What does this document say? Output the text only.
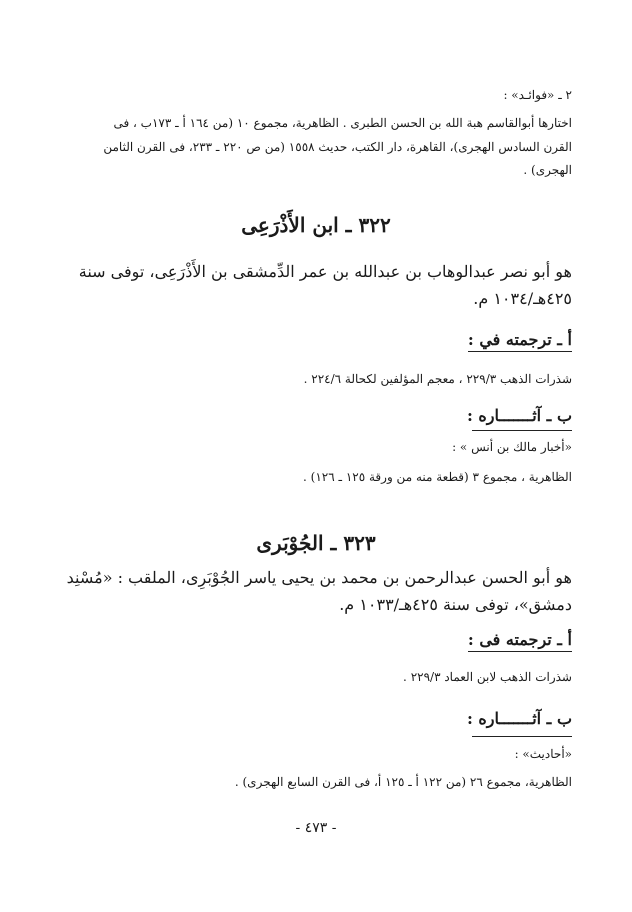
٢ ـ «فوائـد» :
اختارها أبوالقاسم هبة الله بن الحسن الطبرى . الظاهرية، مجموع ١٠ (من ١٦٤ أ ـ ١٧٣ب ، فى
القرن السادس الهجرى)، القاهرة، دار الكتب، حديث ١٥٥٨ (من ص ٢٢٠ ـ ٢٣٣، فى القرن الثامن
الهجرى) .
٣٢٢ ـ ابن الأَذْرَعِى
هو أبو نصر عبدالوهاب بن عبدالله بن عمر الدِّمشقى بن الأَذْرَعِى، توفى سنة
٤٢٥هـ/١٠٣٤ م.
أ ـ ترجمته في :
شذرات الذهب ٢٢٩/٣ ، معجم المؤلفين لكحالة ٢٢٤/٦ .
ب ـ آثـــــــاره :
«أخبار مالك بن أنس » :
الظاهرية ، مجموع ٣ (قطعة منه من ورقة ١٢٥ ـ ١٢٦) .
٣٢٣ ـ الجُوْبَرى
هو أبو الحسن عبدالرحمن بن محمد بن يحيى ياسر الجُوْبَرِى، الملقب : «مُسْنِد
دمشق»، توفى سنة ٤٢٥هـ/١٠٣٣ م.
أ ـ ترجمته فى :
شذرات الذهب لابن العماد ٢٢٩/٣ .
ب ـ آثـــــــاره :
«أحاديث» :
الظاهرية، مجموع ٢٦ (من ١٢٢ أ ـ ١٢٥ أ، فى القرن السابع الهجرى) .
- ٤٧٣ -
